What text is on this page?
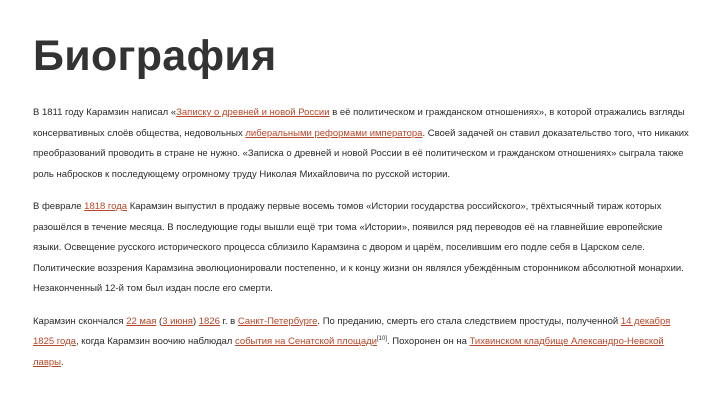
Биография

В 1811 году Карамзин написал «Записку о древней и новой России в её политическом и гражданском отношениях», в которой отражались взгляды консервативных слоёв общества, недовольных либеральными реформами императора. Своей задачей он ставил доказательство того, что никаких преобразований проводить в стране не нужно. «Записка о древней и новой России в её политическом и гражданском отношениях» сыграла также роль набросков к последующему огромному труду Николая Михайловича по русской истории.

В феврале 1818 года Карамзин выпустил в продажу первые восемь томов «Истории государства российского», трёхтысячный тираж которых разошёлся в течение месяца. В последующие годы вышли ещё три тома «Истории», появился ряд переводов её на главнейшие европейские языки. Освещение русского исторического процесса сблизило Карамзина с двором и царём, поселившим его подле себя в Царском селе. Политические воззрения Карамзина эволюционировали постепенно, и к концу жизни он являлся убеждённым сторонником абсолютной монархии. Незаконченный 12-й том был издан после его смерти.

Карамзин скончался 22 мая (3 июня) 1826 г. в Санкт-Петербурге. По преданию, смерть его стала следствием простуды, полученной 14 декабря 1825 года, когда Карамзин воочию наблюдал события на Сенатской площади[10]. Похоронен он на Тихвинском кладбище Александро-Невской лавры.
